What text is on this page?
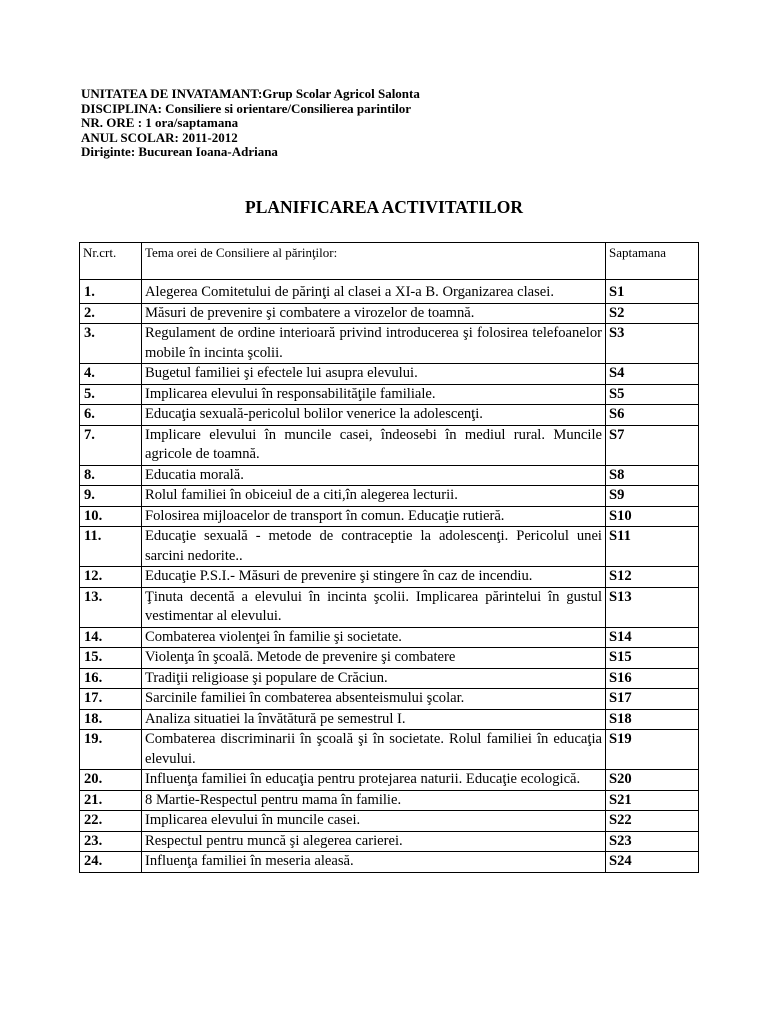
UNITATEA DE INVATAMANT:Grup Scolar Agricol Salonta
DISCIPLINA: Consiliere si orientare/Consilierea parintilor
NR. ORE : 1 ora/saptamana
ANUL SCOLAR: 2011-2012
Diriginte: Bucurean Ioana-Adriana
PLANIFICAREA ACTIVITATILOR
Nr.crt.	Tema orei de Consiliere al părinţilor:	Saptamana
1.	Alegerea Comitetului de părinţi al clasei a XI-a B. Organizarea clasei.	S1
2.	Măsuri de prevenire şi combatere a virozelor de toamnă.	S2
3.	Regulament de ordine interioară privind introducerea şi folosirea telefoanelor mobile în incinta şcolii.	S3
4.	Bugetul familiei şi efectele lui asupra elevului.	S4
5.	Implicarea elevului în responsabilităţile familiale.	S5
6.	Educaţia sexuală-pericolul bolilor venerice la adolescenţi.	S6
7.	Implicare elevului în muncile casei, îndeosebi în mediul rural. Muncile agricole de toamnă.	S7
8.	Educatia morală.	S8
9.	Rolul familiei în obiceiul de a citi,în alegerea lecturii.	S9
10.	Folosirea mijloacelor de transport în comun. Educaţie rutieră.	S10
11.	Educaţie sexuală - metode de contraceptie la adolescenţi. Pericolul unei sarcini nedorite..	S11
12.	Educaţie P.S.I.- Măsuri de prevenire şi stingere în caz de incendiu.	S12
13.	Ţinuta decentă a elevului în incinta şcolii. Implicarea părintelui în gustul vestimentar al elevului.	S13
14.	Combaterea violenţei în familie şi societate.	S14
15.	Violenţa în şcoală. Metode de prevenire şi combatere	S15
16.	Tradiţii religioase şi populare de Crăciun.	S16
17.	Sarcinile familiei în combaterea absenteismului şcolar.	S17
18.	Analiza situatiei la învătătură pe semestrul I.	S18
19.	Combaterea discriminarii în şcoală şi în societate. Rolul familiei în educaţia elevului.	S19
20.	Influenţa familiei în educaţia pentru protejarea naturii. Educaţie ecologică.	S20
21.	8 Martie-Respectul pentru mama în familie.	S21
22.	Implicarea elevului în muncile casei.	S22
23.	Respectul pentru muncă şi alegerea carierei.	S23
24.	Influenţa familiei în meseria aleasă.	S24
